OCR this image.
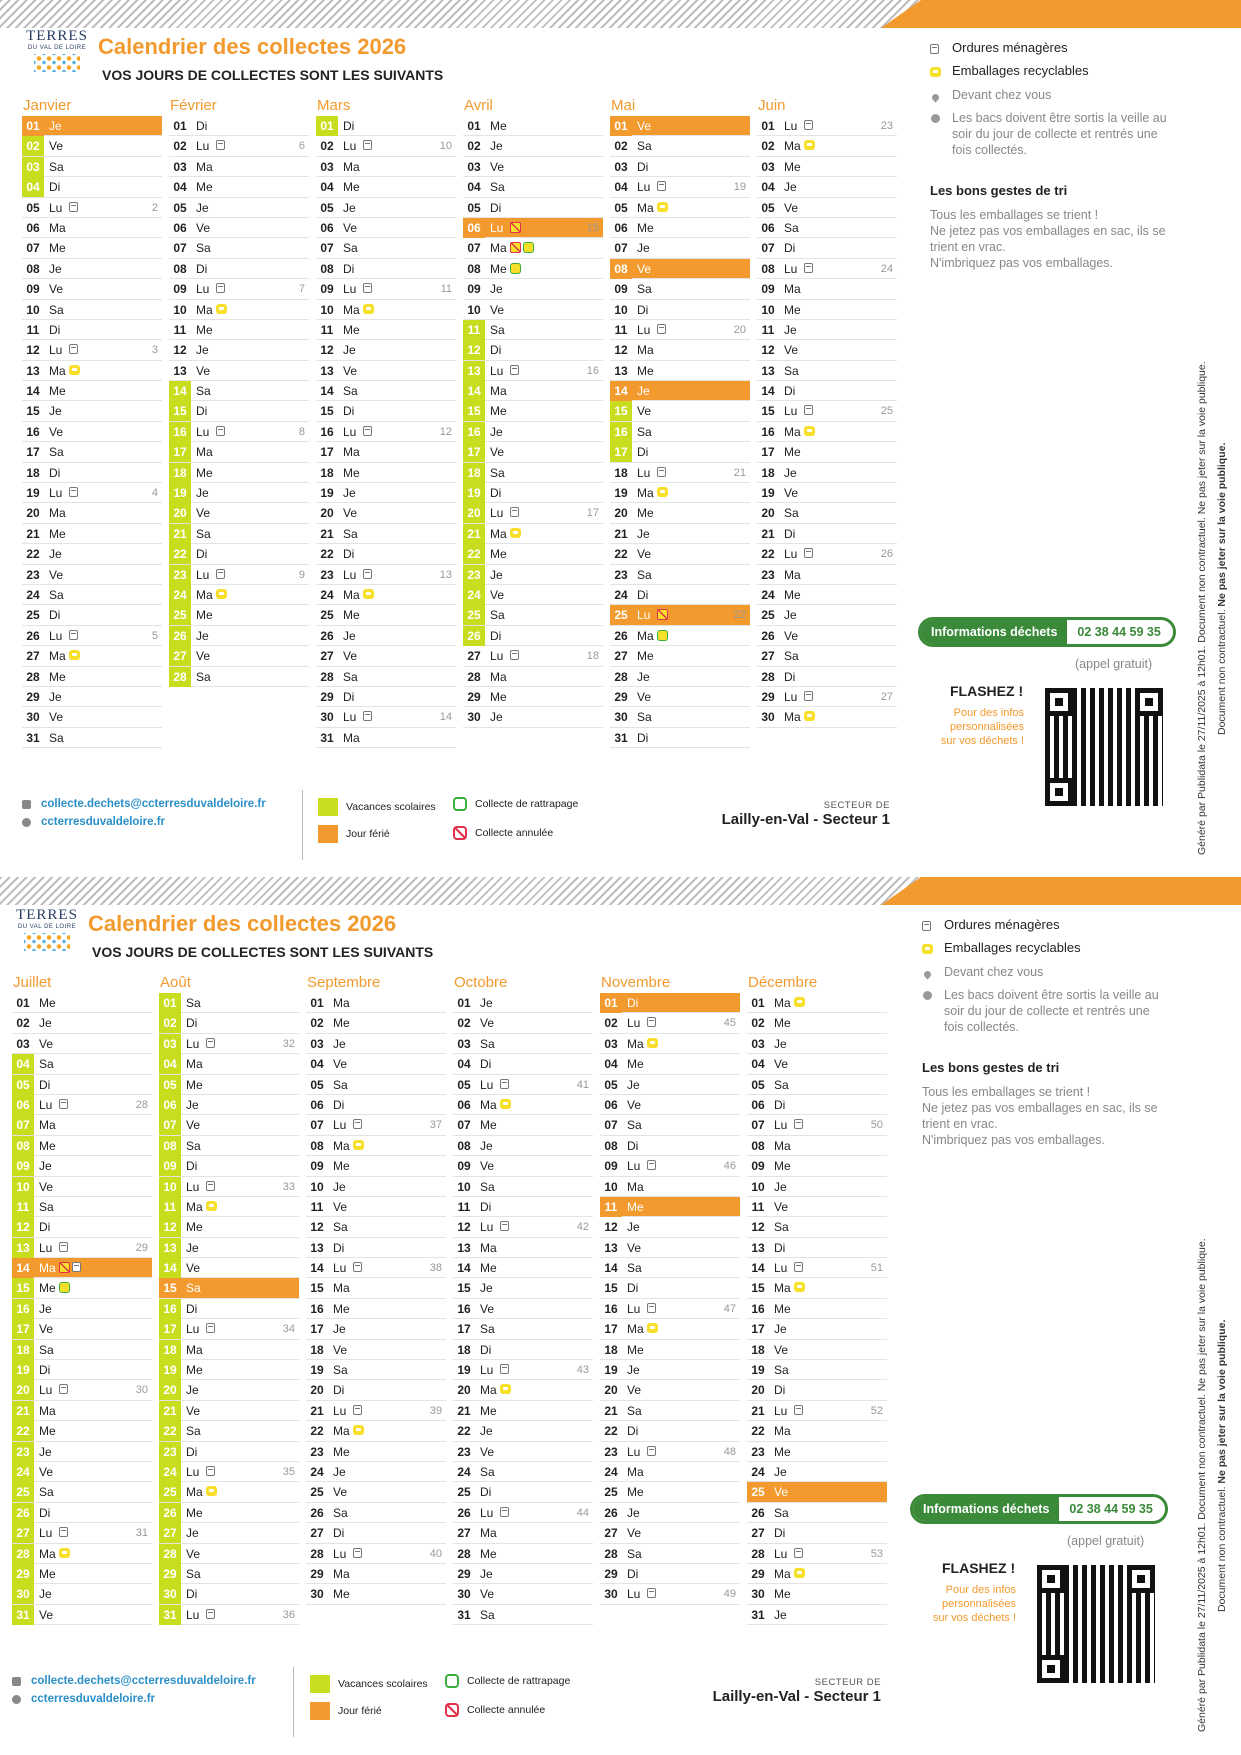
TERRES
DU VAL DE LOIRE Calendrier des collectes 2026
VOS JOURS DE COLLECTES SONT LES SUIVANTS
Janvier
01 Je
02 Ve
03 Sa
04 Di
05 Lu	2
06 Ma
07 Me
08 Je
09 Ve
10 Sa
11 Di
12 Lu	3
13 Ma
14 Me
15 Je
16 Ve
17 Sa
18 Di
19 Lu	4
20 Ma
21 Me
22 Je
23 Ve
24 Sa
25 Di
26 Lu	5
27 Ma
28 Me
29 Je
30 Ve
31 Sa
Février
01 Di
02 Lu	6
03 Ma
04 Me
05 Je
06 Ve
07 Sa
08 Di
09 Lu	7
10 Ma
11 Me
12 Je
13 Ve
14 Sa
15 Di
16 Lu	8
17 Ma
18 Me
19 Je
20 Ve
21 Sa
22 Di
23 Lu	9
24 Ma
25 Me
26 Je
27 Ve
28 Sa
Mars
01 Di
02 Lu	10
03 Ma
04 Me
05 Je
06 Ve
07 Sa
08 Di
09 Lu	11
10 Ma
11 Me
12 Je
13 Ve
14 Sa
15 Di
16 Lu	12
17 Ma
18 Me
19 Je
20 Ve
21 Sa
22 Di
23 Lu	13
24 Ma
25 Me
26 Je
27 Ve
28 Sa
29 Di
30 Lu	14
31 Ma
Avril
01 Me
02 Je
03 Ve
04 Sa
05 Di
06 Lu	15
07 Ma
08 Me
09 Je
10 Ve
11 Sa
12 Di
13 Lu	16
14 Ma
15 Me
16 Je
17 Ve
18 Sa
19 Di
20 Lu	17
21 Ma
22 Me
23 Je
24 Ve
25 Sa
26 Di
27 Lu	18
28 Ma
29 Me
30 Je
Mai
01 Ve
02 Sa
03 Di
04 Lu	19
05 Ma
06 Me
07 Je
08 Ve
09 Sa
10 Di
11 Lu	20
12 Ma
13 Me
14 Je
15 Ve
16 Sa
17 Di
18 Lu	21
19 Ma
20 Me
21 Je
22 Ve
23 Sa
24 Di
25 Lu	22
26 Ma
27 Me
28 Je
29 Ve
30 Sa
31 Di
Juin
01 Lu	23
02 Ma
03 Me
04 Je
05 Ve
06 Sa
07 Di
08 Lu	24
09 Ma
10 Me
11 Je
12 Ve
13 Sa
14 Di
15 Lu	25
16 Ma
17 Me
18 Je
19 Ve
20 Sa
21 Di
22 Lu	26
23 Ma
24 Me
25 Je
26 Ve
27 Sa
28 Di
29 Lu	27
30 Ma
Ordures ménagères
Emballages recyclables
Devant chez vous
Les bacs doivent être sortis la veille au soir du jour de collecte et rentrés une fois collectés.
Les bons gestes de tri
Tous les emballages se trient !
Ne jetez pas vos emballages en sac, ils se trient en vrac.
N'imbriquez pas vos emballages.
Informations déchets	02 38 44 59 35
(appel gratuit)
FLASHEZ !
Pour des infos personnalisées sur vos déchets !	Généré par Publidata le 27/11/2025 à 12h01. Document non contractuel. Ne pas jeter sur la voie publique. Document non contractuel. Ne pas jeter sur la voie publique.
collecte.dechets@ccterresduvaldeloire.fr
ccterresduvaldeloire.fr
Vacances scolaires
Jour férié
Collecte de rattrapage
Collecte annulée
SECTEUR DE
Lailly-en-Val - Secteur 1
TERRES
DU VAL DE LOIRE Calendrier des collectes 2026
VOS JOURS DE COLLECTES SONT LES SUIVANTS
Juillet
01 Me
02 Je
03 Ve
04 Sa
05 Di
06 Lu	28
07 Ma
08 Me
09 Je
10 Ve
11 Sa
12 Di
13 Lu	29
14 Ma
15 Me
16 Je
17 Ve
18 Sa
19 Di
20 Lu	30
21 Ma
22 Me
23 Je
24 Ve
25 Sa
26 Di
27 Lu	31
28 Ma
29 Me
30 Je
31 Ve
Août
01 Sa
02 Di
03 Lu	32
04 Ma
05 Me
06 Je
07 Ve
08 Sa
09 Di
10 Lu	33
11 Ma
12 Me
13 Je
14 Ve
15 Sa
16 Di
17 Lu	34
18 Ma
19 Me
20 Je
21 Ve
22 Sa
23 Di
24 Lu	35
25 Ma
26 Me
27 Je
28 Ve
29 Sa
30 Di
31 Lu	36
Septembre
01 Ma
02 Me
03 Je
04 Ve
05 Sa
06 Di
07 Lu	37
08 Ma
09 Me
10 Je
11 Ve
12 Sa
13 Di
14 Lu	38
15 Ma
16 Me
17 Je
18 Ve
19 Sa
20 Di
21 Lu	39
22 Ma
23 Me
24 Je
25 Ve
26 Sa
27 Di
28 Lu	40
29 Ma
30 Me
Octobre
01 Je
02 Ve
03 Sa
04 Di
05 Lu	41
06 Ma
07 Me
08 Je
09 Ve
10 Sa
11 Di
12 Lu	42
13 Ma
14 Me
15 Je
16 Ve
17 Sa
18 Di
19 Lu	43
20 Ma
21 Me
22 Je
23 Ve
24 Sa
25 Di
26 Lu	44
27 Ma
28 Me
29 Je
30 Ve
31 Sa
Novembre
01 Di
02 Lu	45
03 Ma
04 Me
05 Je
06 Ve
07 Sa
08 Di
09 Lu	46
10 Ma
11 Me
12 Je
13 Ve
14 Sa
15 Di
16 Lu	47
17 Ma
18 Me
19 Je
20 Ve
21 Sa
22 Di
23 Lu	48
24 Ma
25 Me
26 Je
27 Ve
28 Sa
29 Di
30 Lu	49
Décembre
01 Ma
02 Me
03 Je
04 Ve
05 Sa
06 Di
07 Lu	50
08 Ma
09 Me
10 Je
11 Ve
12 Sa
13 Di
14 Lu	51
15 Ma
16 Me
17 Je
18 Ve
19 Sa
20 Di
21 Lu	52
22 Ma
23 Me
24 Je
25 Ve
26 Sa
27 Di
28 Lu	53
29 Ma
30 Me
31 Je
Ordures ménagères
Emballages recyclables
Devant chez vous
Les bacs doivent être sortis la veille au soir du jour de collecte et rentrés une fois collectés.
Les bons gestes de tri
Tous les emballages se trient !
Ne jetez pas vos emballages en sac, ils se trient en vrac.
N'imbriquez pas vos emballages.
Informations déchets	02 38 44 59 35
(appel gratuit)
FLASHEZ !
Pour des infos personnalisées sur vos déchets !	Généré par Publidata le 27/11/2025 à 12h01. Document non contractuel. Ne pas jeter sur la voie publique. Document non contractuel. Ne pas jeter sur la voie publique.
collecte.dechets@ccterresduvaldeloire.fr
ccterresduvaldeloire.fr
Vacances scolaires
Jour férié
Collecte de rattrapage
Collecte annulée
SECTEUR DE
Lailly-en-Val - Secteur 1
